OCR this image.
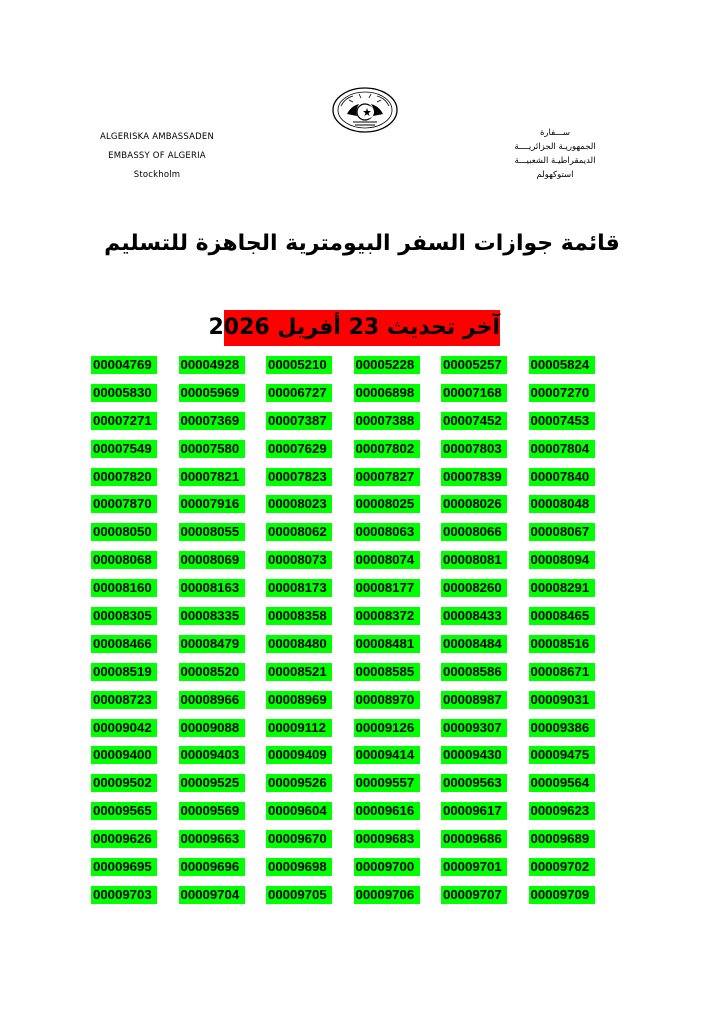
ALGERISKA AMBASSADEN
EMBASSY OF ALGERIA
Stockholm
ســـفارة
الجمهوريـة الجزائريــــة
الديمقراطيـة الشعبيـــة
استوكهولم
قائمة جوازات السفر البيومترية الجاهزة للتسليم
آخر تحديث 23 أفريل 2026
00004769	00004928	00005210	00005228	00005257	00005824
00005830	00005969	00006727	00006898	00007168	00007270
00007271	00007369	00007387	00007388	00007452	00007453
00007549	00007580	00007629	00007802	00007803	00007804
00007820	00007821	00007823	00007827	00007839	00007840
00007870	00007916	00008023	00008025	00008026	00008048
00008050	00008055	00008062	00008063	00008066	00008067
00008068	00008069	00008073	00008074	00008081	00008094
00008160	00008163	00008173	00008177	00008260	00008291
00008305	00008335	00008358	00008372	00008433	00008465
00008466	00008479	00008480	00008481	00008484	00008516
00008519	00008520	00008521	00008585	00008586	00008671
00008723	00008966	00008969	00008970	00008987	00009031
00009042	00009088	00009112	00009126	00009307	00009386
00009400	00009403	00009409	00009414	00009430	00009475
00009502	00009525	00009526	00009557	00009563	00009564
00009565	00009569	00009604	00009616	00009617	00009623
00009626	00009663	00009670	00009683	00009686	00009689
00009695	00009696	00009698	00009700	00009701	00009702
00009703	00009704	00009705	00009706	00009707	00009709
